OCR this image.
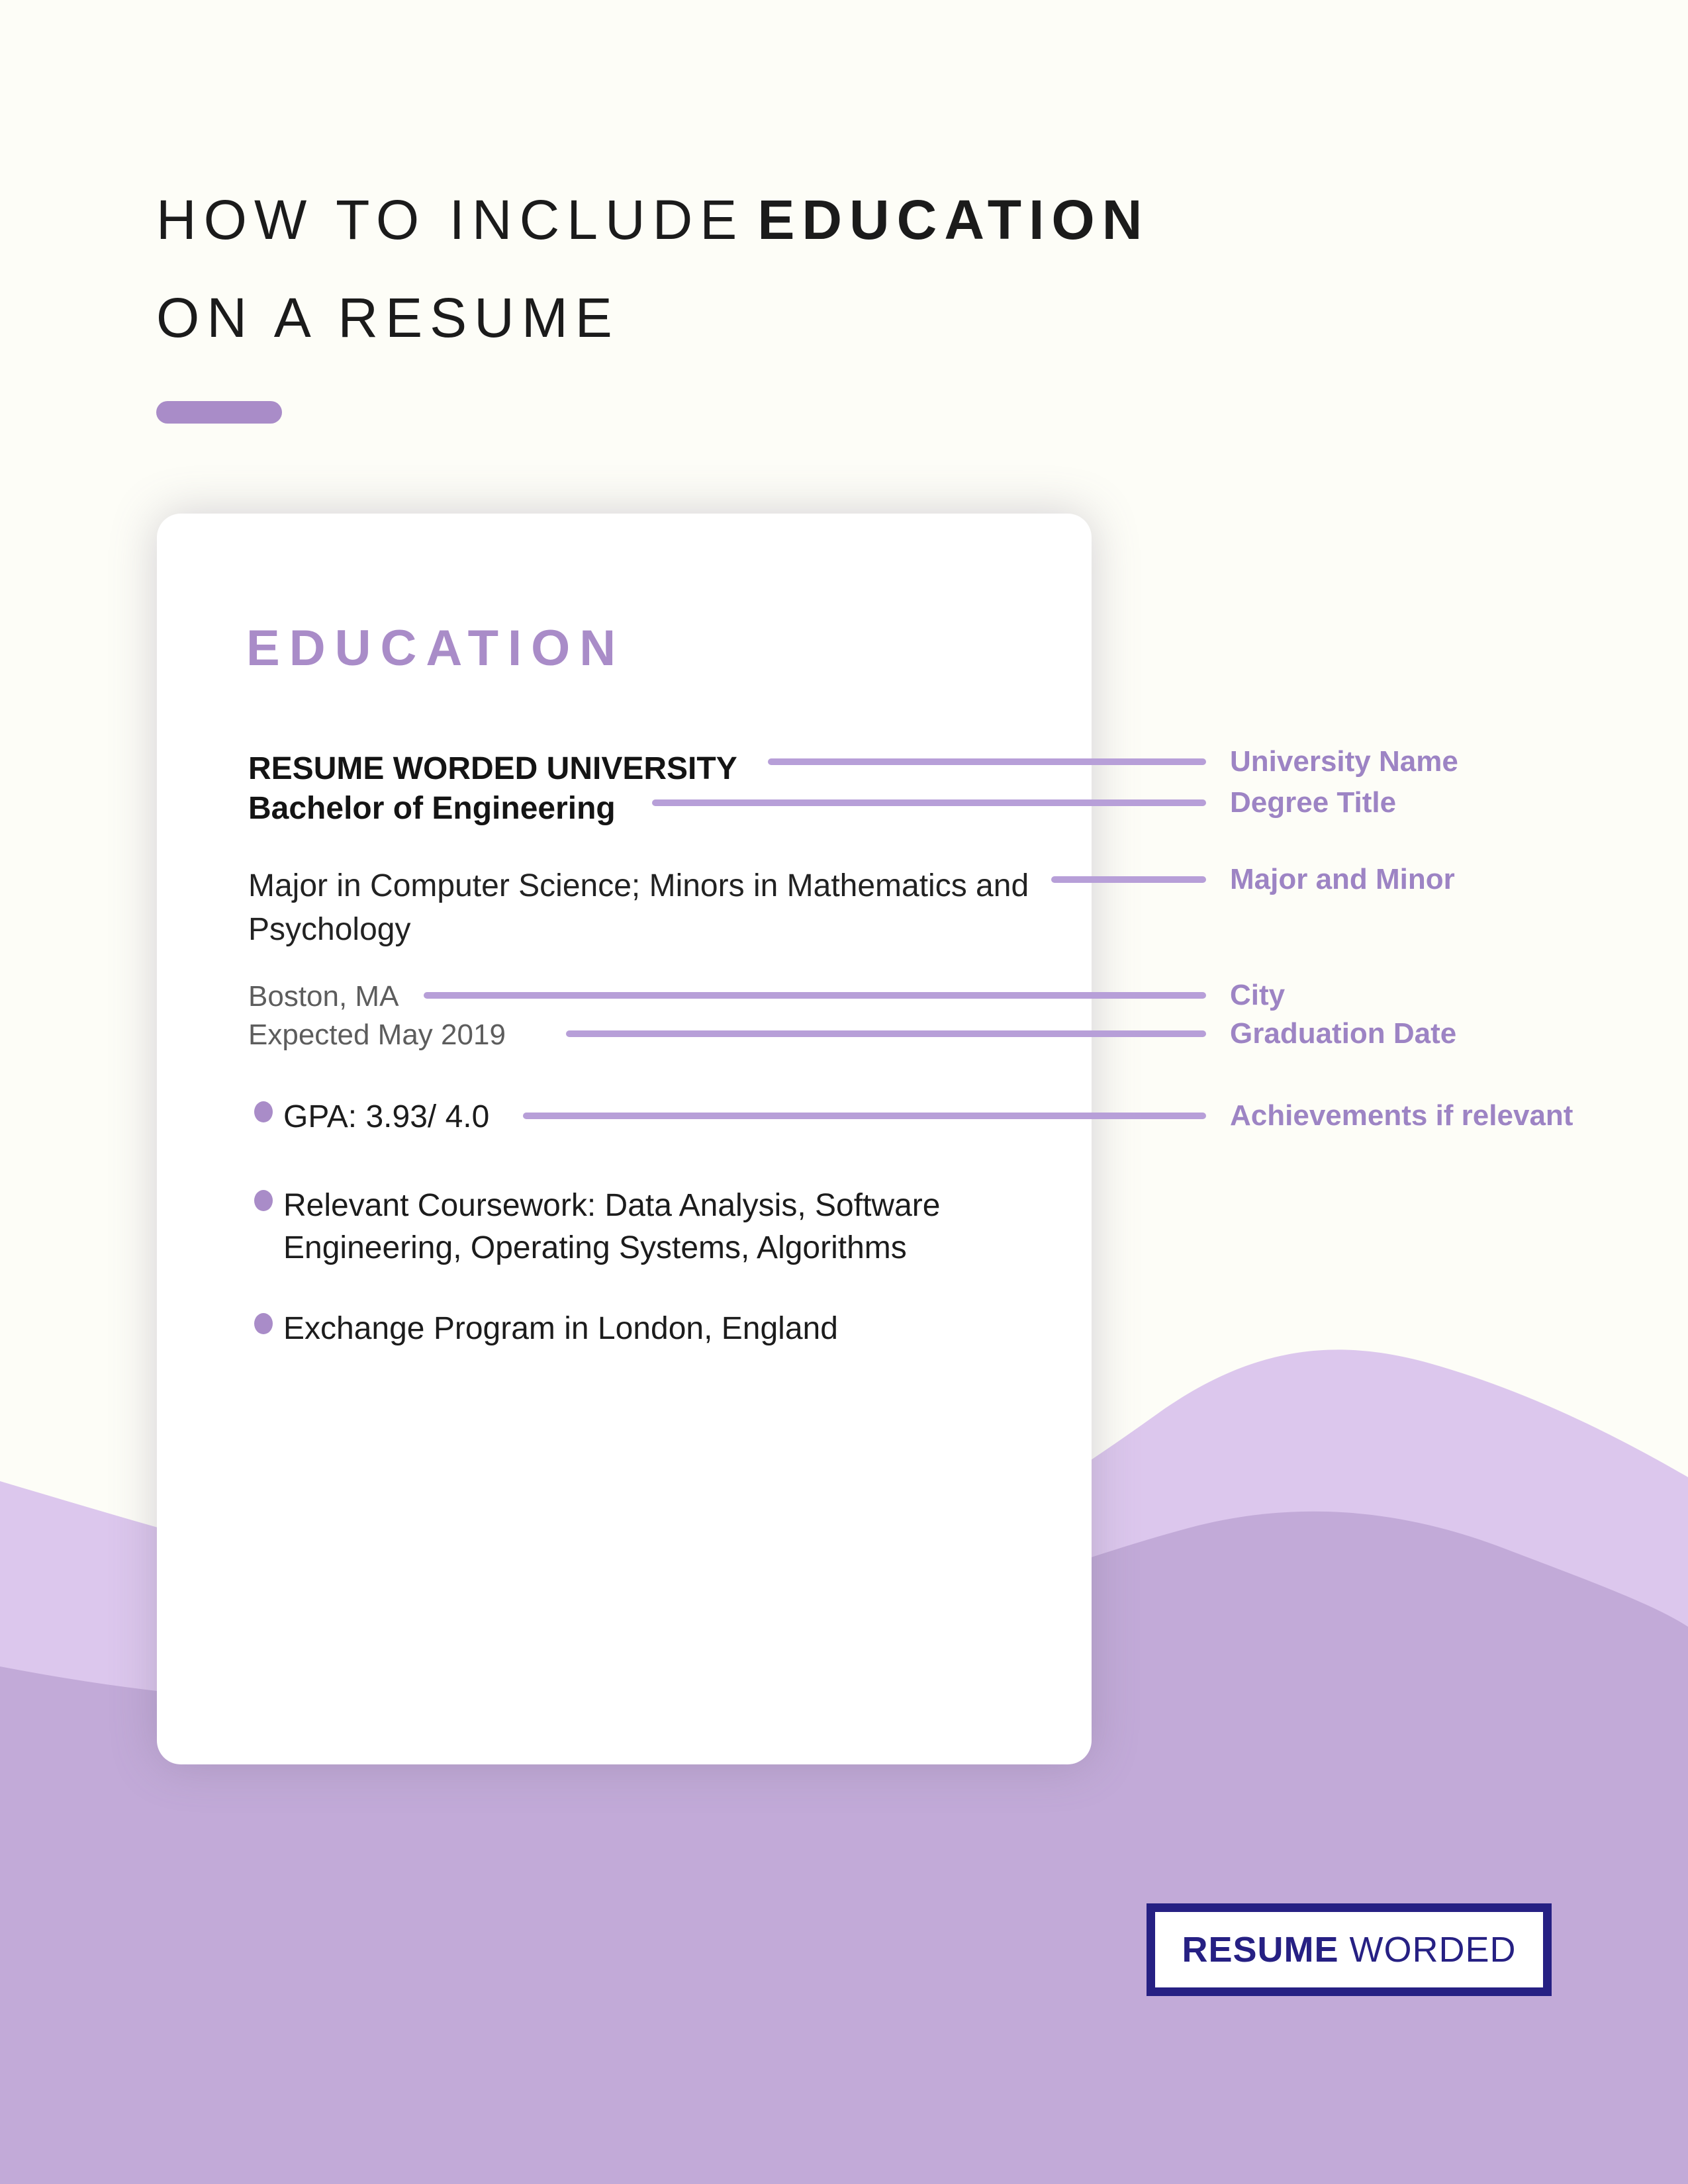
HOW TO INCLUDE EDUCATION
ON A RESUME
EDUCATION
RESUME WORDED UNIVERSITY
Bachelor of Engineering
Major in Computer Science; Minors in Mathematics and Psychology
Boston, MA
Expected May 2019
GPA: 3.93/ 4.0
Relevant Coursework: Data Analysis, Software Engineering, Operating Systems, Algorithms
Exchange Program in London, England
University Name
Degree Title
Major and Minor
City
Graduation Date
Achievements if relevant
RESUME WORDED
